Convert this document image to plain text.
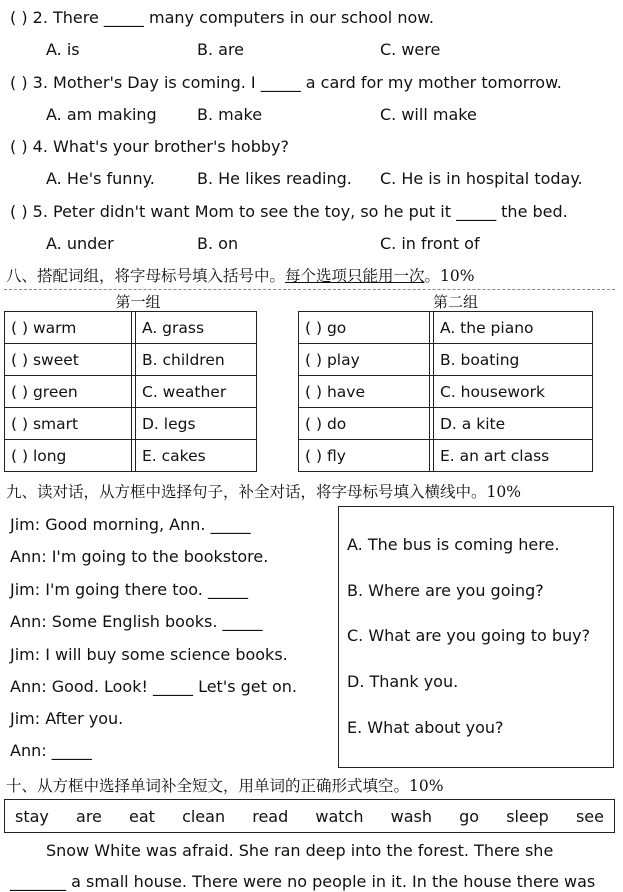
( ) 2. There _____ many computers in our school now.
A. is	B. are	C. were
( ) 3. Mother's Day is coming. I _____ a card for my mother tomorrow.
A. am making	B. make	C. will make
( ) 4. What's your brother's hobby?
A. He's funny.	B. He likes reading. C. He is in hospital today.
( ) 5. Peter didn't want Mom to see the toy, so he put it _____ the bed.
A. under	B. on	C. in front of
八、搭配词组，将字母标号填入括号中。每个选项只能用一次。10%
第一组	第二组
( ) warm		A. grass
( ) sweet		B. children
( ) green		C. weather
( ) smart		D. legs
( ) long		E. cakes
( ) go		A. the piano
( ) play		B. boating
( ) have		C. housework
( ) do		D. a kite
( ) fly		E. an art class
九、读对话，从方框中选择句子，补全对话，将字母标号填入横线中。10%
Jim: Good morning, Ann. _____
Ann: I'm going to the bookstore.
Jim: I'm going there too. _____
Ann: Some English books. _____
Jim: I will buy some science books.
Ann: Good. Look! _____ Let's get on.
Jim: After you.
Ann: _____
A. The bus is coming here.
B. Where are you going?
C. What are you going to buy?
D. Thank you.
E. What about you?
十、从方框中选择单词补全短文，用单词的正确形式填空。10%
stay are eat clean read watch wash go sleep see
Snow White was afraid. She ran deep into the forest. There she
_______ a small house. There were no people in it. In the house there was
